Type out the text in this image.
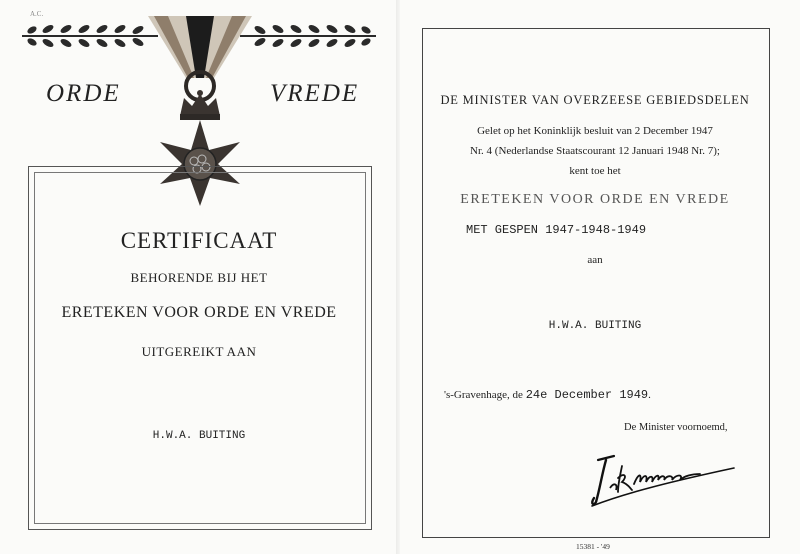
A.C.
ORDE	VREDE
CERTIFICAAT
BEHORENDE BIJ HET
ERETEKEN VOOR ORDE EN VREDE
UITGEREIKT AAN
H.W.A. BUITING
DE MINISTER VAN OVERZEESE GEBIEDSDELEN
Gelet op het Koninklijk besluit van 2 December 1947
Nr. 4 (Nederlandse Staatscourant 12 Januari 1948 Nr. 7);
kent toe het
ERETEKEN VOOR ORDE EN VREDE
MET GESPEN 1947-1948-1949
aan
H.W.A. BUITING
's-Gravenhage, de 24e December 1949.
De Minister voornoemd,
15381 - '49
